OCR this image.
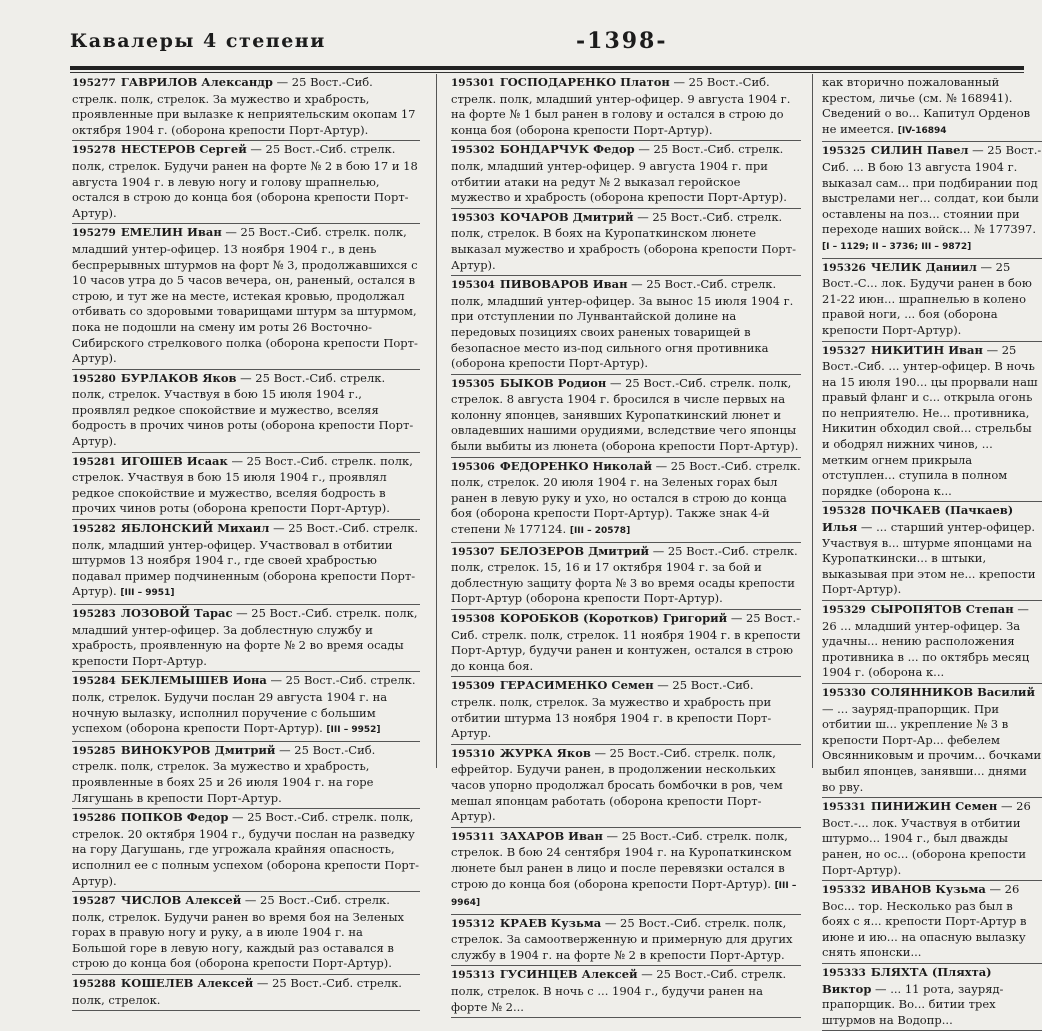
Кавалеры 4 степени	-1398-
195277 ГАВРИЛОВ Александр — 25 Вост.-Сиб. стрелк. полк, стрелок. За мужество и храбрость, проявленные при вылазке к неприятельским окопам 17 октября 1904 г. (оборона крепости Порт-Артур).
195278 НЕСТЕРОВ Сергей — 25 Вост.-Сиб. стрелк. полк, стрелок. Будучи ранен на форте № 2 в бою 17 и 18 августа 1904 г. в левую ногу и голову шрапнелью, остался в строю до конца боя (оборона крепости Порт-Артур).
195279 ЕМЕЛИН Иван — 25 Вост.-Сиб. стрелк. полк, младший унтер-офицер. 13 ноября 1904 г., в день беспрерывных штурмов на форт № 3, продолжавшихся с 10 часов утра до 5 часов вечера, он, раненый, остался в строю, и тут же на месте, истекая кровью, продолжал отбивать со здоровыми товарищами штурм за штурмом, пока не подошли на смену им роты 26 Восточно-Сибирского стрелкового полка (оборона крепости Порт-Артур).
195280 БУРЛАКОВ Яков — 25 Вост.-Сиб. стрелк. полк, стрелок. Участвуя в бою 15 июля 1904 г., проявлял редкое спокойствие и мужество, вселяя бодрость в прочих чинов роты (оборона крепости Порт-Артур).
195281 ИГОШЕВ Исаак — 25 Вост.-Сиб. стрелк. полк, стрелок. Участвуя в бою 15 июля 1904 г., проявлял редкое спокойствие и мужество, вселяя бодрость в прочих чинов роты (оборона крепости Порт-Артур).
195282 ЯБЛОНСКИЙ Михаил — 25 Вост.-Сиб. стрелк. полк, младший унтер-офицер. Участвовал в отбитии штурмов 13 ноября 1904 г., где своей храбростью подавал пример подчиненным (оборона крепости Порт-Артур). [III – 9951]
195283 ЛОЗОВОЙ Тарас — 25 Вост.-Сиб. стрелк. полк, младший унтер-офицер. За доблестную службу и храбрость, проявленную на форте № 2 во время осады крепости Порт-Артур.
195284 БЕКЛЕМЫШЕВ Иона — 25 Вост.-Сиб. стрелк. полк, стрелок. Будучи послан 29 августа 1904 г. на ночную вылазку, исполнил поручение с большим успехом (оборона крепости Порт-Артур). [III – 9952]
195285 ВИНОКУРОВ Дмитрий — 25 Вост.-Сиб. стрелк. полк, стрелок. За мужество и храбрость, проявленные в боях 25 и 26 июля 1904 г. на горе Лягушань в крепости Порт-Артур.
195286 ПОПКОВ Федор — 25 Вост.-Сиб. стрелк. полк, стрелок. 20 октября 1904 г., будучи послан на разведку на гору Дагушань, где угрожала крайняя опасность, исполнил ее с полным успехом (оборона крепости Порт-Артур).
195287 ЧИСЛОВ Алексей — 25 Вост.-Сиб. стрелк. полк, стрелок. Будучи ранен во время боя на Зеленых горах в правую ногу и руку, а в июле 1904 г. на Большой горе в левую ногу, каждый раз оставался в строю до конца боя (оборона крепости Порт-Артур).
195288 КОШЕЛЕВ Алексей — 25 Вост.-Сиб. стрелк. полк, стрелок.
195301 ГОСПОДАРЕНКО Платон — 25 Вост.-Сиб. стрелк. полк, младший унтер-офицер. 9 августа 1904 г. на форте № 1 был ранен в голову и остался в строю до конца боя (оборона крепости Порт-Артур).
195302 БОНДАРЧУК Федор — 25 Вост.-Сиб. стрелк. полк, младший унтер-офицер. 9 августа 1904 г. при отбитии атаки на редут № 2 выказал геройское мужество и храбрость (оборона крепости Порт-Артур).
195303 КОЧАРОВ Дмитрий — 25 Вост.-Сиб. стрелк. полк, стрелок. В боях на Куропаткинском люнете выказал мужество и храбрость (оборона крепости Порт-Артур).
195304 ПИВОВАРОВ Иван — 25 Вост.-Сиб. стрелк. полк, младший унтер-офицер. За вынос 15 июля 1904 г. при отступлении по Лунвантайской долине на передовых позициях своих раненых товарищей в безопасное место из-под сильного огня противника (оборона крепости Порт-Артур).
195305 БЫКОВ Родион — 25 Вост.-Сиб. стрелк. полк, стрелок. 8 августа 1904 г. бросился в числе первых на колонну японцев, занявших Куропаткинский люнет и овладевших нашими орудиями, вследствие чего японцы были выбиты из люнета (оборона крепости Порт-Артур).
195306 ФЕДОРЕНКО Николай — 25 Вост.-Сиб. стрелк. полк, стрелок. 20 июля 1904 г. на Зеленых горах был ранен в левую руку и ухо, но остался в строю до конца боя (оборона крепости Порт-Артур). Также знак 4-й степени № 177124. [III – 20578]
195307 БЕЛОЗЕРОВ Дмитрий — 25 Вост.-Сиб. стрелк. полк, стрелок. 15, 16 и 17 октября 1904 г. за бой и доблестную защиту форта № 3 во время осады крепости Порт-Артур (оборона крепости Порт-Артур).
195308 КОРОБКОВ (Коротков) Григорий — 25 Вост.-Сиб. стрелк. полк, стрелок. 11 ноября 1904 г. в крепости Порт-Артур, будучи ранен и контужен, остался в строю до конца боя.
195309 ГЕРАСИМЕНКО Семен — 25 Вост.-Сиб. стрелк. полк, стрелок. За мужество и храбрость при отбитии штурма 13 ноября 1904 г. в крепости Порт-Артур.
195310 ЖУРКА Яков — 25 Вост.-Сиб. стрелк. полк, ефрейтор. Будучи ранен, в продолжении нескольких часов упорно продолжал бросать бомбочки в ров, чем мешал японцам работать (оборона крепости Порт-Артур).
195311 ЗАХАРОВ Иван — 25 Вост.-Сиб. стрелк. полк, стрелок. В бою 24 сентября 1904 г. на Куропаткинском люнете был ранен в лицо и после перевязки остался в строю до конца боя (оборона крепости Порт-Артур). [III – 9964]
195312 КРАЕВ Кузьма — 25 Вост.-Сиб. стрелк. полк, стрелок. За самоотверженную и примерную для других службу в 1904 г. на форте № 2 в крепости Порт-Артур.
195313 ГУСИНЦЕВ Алексей — 25 Вост.-Сиб. стрелк. полк, стрелок. В ночь с ... 1904 г., будучи ранен на форте № 2...
как вторично пожалованный крестом, личье (см. № 168941). Сведений о во... Капитул Орденов не имеется. [IV-16894
195325 СИЛИН Павел — 25 Вост.-Сиб. ... В бою 13 августа 1904 г. выказал сам... при подбирании под выстрелами нег... солдат, кои были оставлены на поз... стоянии при переходе наших войск... № 177397. [I – 1129; II – 3736; III – 9872]
195326 ЧЕЛИК Даниил — 25 Вост.-С... лок. Будучи ранен в бою 21-22 июн... шрапнелью в колено правой ноги, ... боя (оборона крепости Порт-Артур).
195327 НИКИТИН Иван — 25 Вост.-Сиб. ... унтер-офицер. В ночь на 15 июля 190... цы прорвали наш правый фланг и с... открыла огонь по неприятелю. Не... противника, Никитин обходил свой... стрельбы и ободрял нижних чинов, ... метким огнем прикрыла отступлен... ступила в полном порядке (оборона к...
195328 ПОЧКАЕВ (Пачкаев) Илья — ... старший унтер-офицер. Участвуя в... штурме японцами на Куропаткински... в штыки, выказывая при этом не... крепости Порт-Артур).
195329 СЫРОПЯТОВ Степан — 26 ... младший унтер-офицер. За удачны... нению расположения противника в ... по октябрь месяц 1904 г. (оборона к...
195330 СОЛЯННИКОВ Василий — ... зауряд-прапорщик. При отбитии ш... укрепление № 3 в крепости Порт-Ар... фебелем Овсянниковым и прочим... бочками выбил японцев, занявши... днями во рву.
195331 ПИНИЖИН Семен — 26 Вост.-... лок. Участвуя в отбитии штурмо... 1904 г., был дважды ранен, но ос... (оборона крепости Порт-Артур).
195332 ИВАНОВ Кузьма — 26 Вос... тор. Несколько раз был в боях с я... крепости Порт-Артур в июне и ию... на опасную вылазку снять японски...
195333 БЛЯХТА (Пляхта) Виктор — ... 11 рота, зауряд-прапорщик. Во... битии трех штурмов на Водопр...
